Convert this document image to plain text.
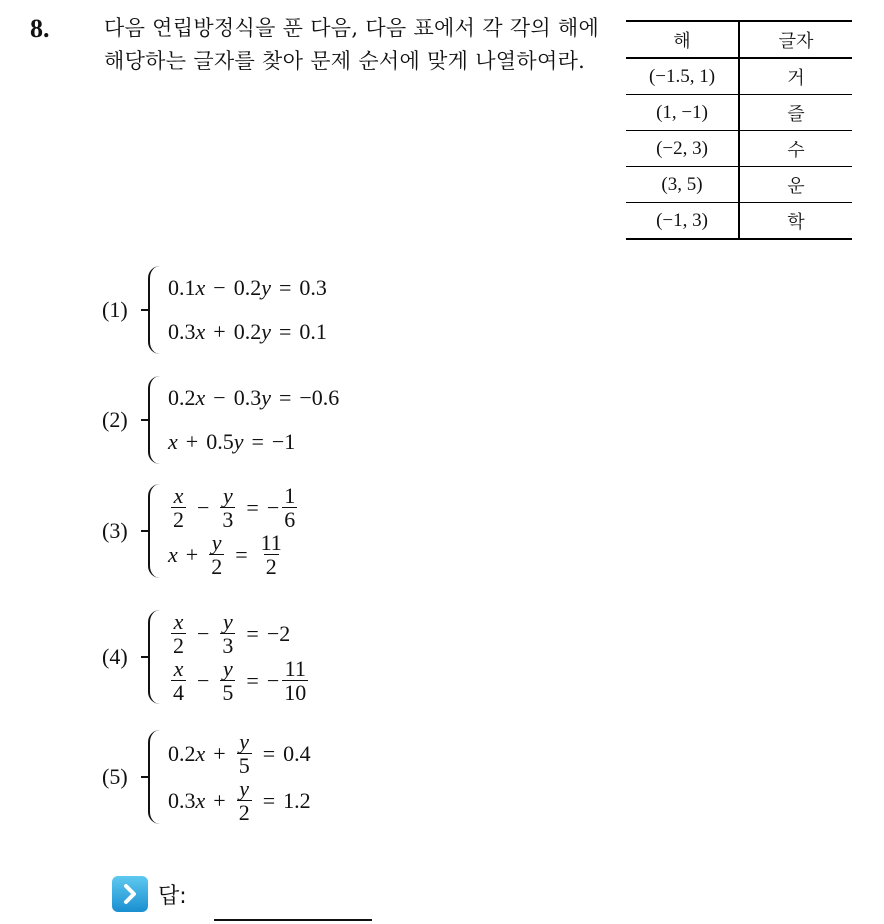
8.	다음 연립방정식을 푼 다음, 다음 표에서 각 각의 해에 해당하는 글자를 찾아 문제 순서에 맞게 나열하여라.
해	글자
(−1.5, 1)	거
(1, −1)	즐
(−2, 3)	수
(3, 5)	운
(−1, 3)	학
(1)
0.1 x − 0.2 y = 0.3
0.3 x + 0.2 y = 0.1
(2)
0.2 x − 0.3 y = −0.6
x + 0.5 y = −1
(3)	$\frac{x}{2} - \frac{y}{3}$ = − $\frac{1}{6}$
$x + \frac{y}{2} = \frac{11}{2}$
(4)	$\frac{x}{2} - \frac{y}{3} = -2$
$\frac{x}{4} - \frac{y}{5}$ = − $\frac{11}{10}$
(5)
0.2 $x + \frac{y}{5} = 0.4$
0.3 $x + \frac{y}{2} = 1.2$
답:
